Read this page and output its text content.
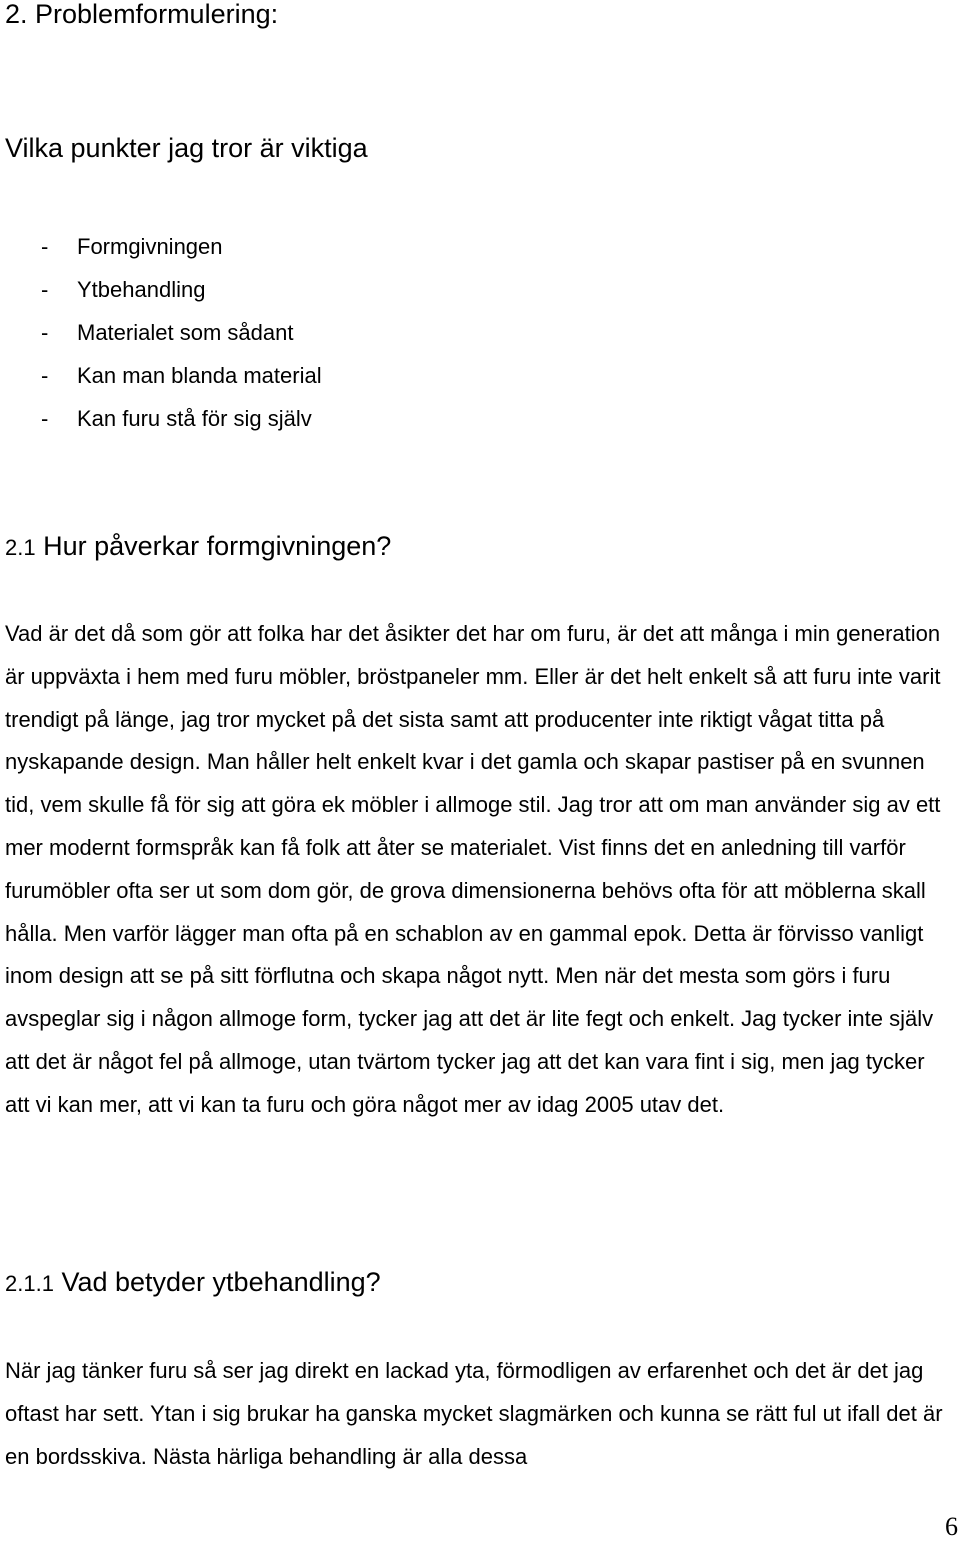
2. Problemformulering:
Vilka punkter jag tror är viktiga
- Formgivningen
- Ytbehandling
- Materialet som sådant
- Kan man blanda material
- Kan furu stå för sig själv
2.1 Hur påverkar formgivningen?

Vad är det då som gör att folka har det åsikter det har om furu, är det att många i min generation är uppväxta i hem med furu möbler, bröstpaneler mm. Eller är det helt enkelt så att furu inte varit trendigt på länge, jag tror mycket på det sista samt att producenter inte riktigt vågat titta på nyskapande design. Man håller helt enkelt kvar i det gamla och skapar pastiser på en svunnen tid, vem skulle få för sig att göra ek möbler i allmoge stil. Jag tror att om man använder sig av ett mer modernt formspråk kan få folk att åter se materialet. Vist finns det en anledning till varför furumöbler ofta ser ut som dom gör, de grova dimensionerna behövs ofta för att möblerna skall hålla. Men varför lägger man ofta på en schablon av en gammal epok. Detta är förvisso vanligt inom design att se på sitt förflutna och skapa något nytt. Men när det mesta som görs i furu avspeglar sig i någon allmoge form, tycker jag att det är lite fegt och enkelt. Jag tycker inte själv att det är något fel på allmoge, utan tvärtom tycker jag att det kan vara fint i sig, men jag tycker att vi kan mer, att vi kan ta furu och göra något mer av idag 2005 utav det.

2.1.1 Vad betyder ytbehandling?

När jag tänker furu så ser jag direkt en lackad yta, förmodligen av erfarenhet och det är det jag oftast har sett. Ytan i sig brukar ha ganska mycket slagmärken och kunna se rätt ful ut ifall det är en bordsskiva. Nästa härliga behandling är alla dessa

6
